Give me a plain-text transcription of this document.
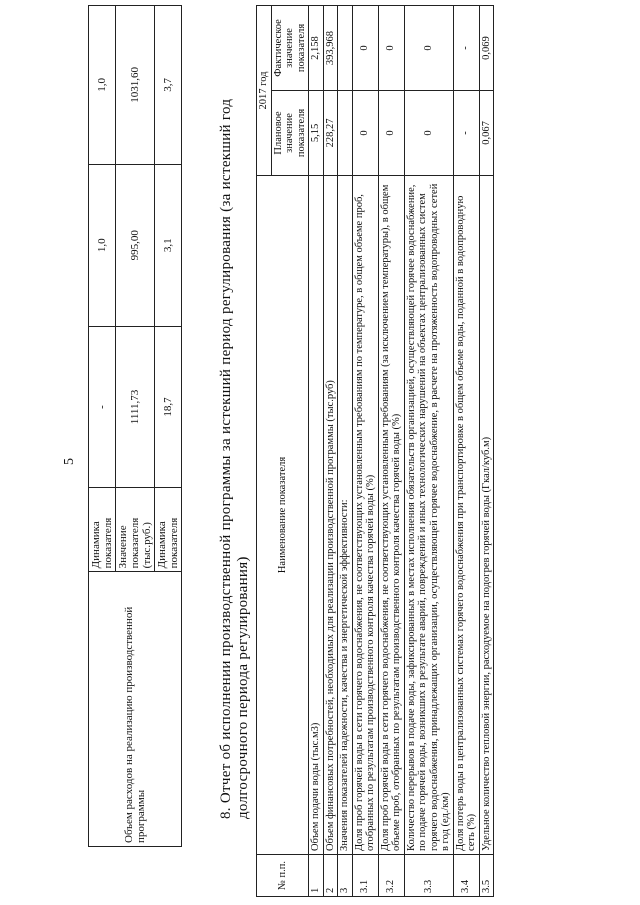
5
Объем расходов на реализацию производственной программы	Динамика показателя	-	1,0	1,0
	Значение показателя (тыс.руб.)	1111,73	995,00	1031,60
	Динамика показателя	18,7	3,1	3,7
8. Отчет об исполнении производственной программы за истекший период регулирования (за истекший год долгосрочного периода регулирования)
№ п.п.	Наименование показателя	2017 год	
		Плановое значение показателя	Фактическое значение показателя
1	Объем подачи воды (тыс.м3)	5,15	2,158
2	Объем финансовых потребностей, необходимых для реализации производственной программы (тыс.руб)	228,27	393,968
3	Значения показателей надежности, качества и энергетической эффективности:		
3.1	Доля проб горячей воды в сети горячего водоснабжения, не соответствующих установленным требованиям по температуре, в общем объеме проб, отобранных по результатам производственного контроля качества горячей воды (%)	0	0
3.2	Доля проб горячей воды в сети горячего водоснабжения, не соответствующих установленным требованиям (за исключением температуры), в общем объеме проб, отобранных по результатам производственного контроля качества горячей воды (%)	0	0
3.3	Количество перерывов в подаче воды, зафиксированных в местах исполнения обязательств организацией, осуществляющей горячее водоснабжение, по подаче горячей воды, возникших в результате аварий, повреждений и иных технологических нарушений на объектах централизованных систем горячего водоснабжения, принадлежащих организации, осуществляющей горячее водоснабжение, в расчете на протяженность водопроводных сетей в год (ед./км)	0	0
3.4	Доля потерь воды в централизованных системах горячего водоснабжения при транспортировке в общем объеме воды, поданной в водопроводную сеть (%)	-	-
3.5	Удельное количество тепловой энергии, расходуемое на подогрев горячей воды (Гкал/куб.м)	0,067	0,069
